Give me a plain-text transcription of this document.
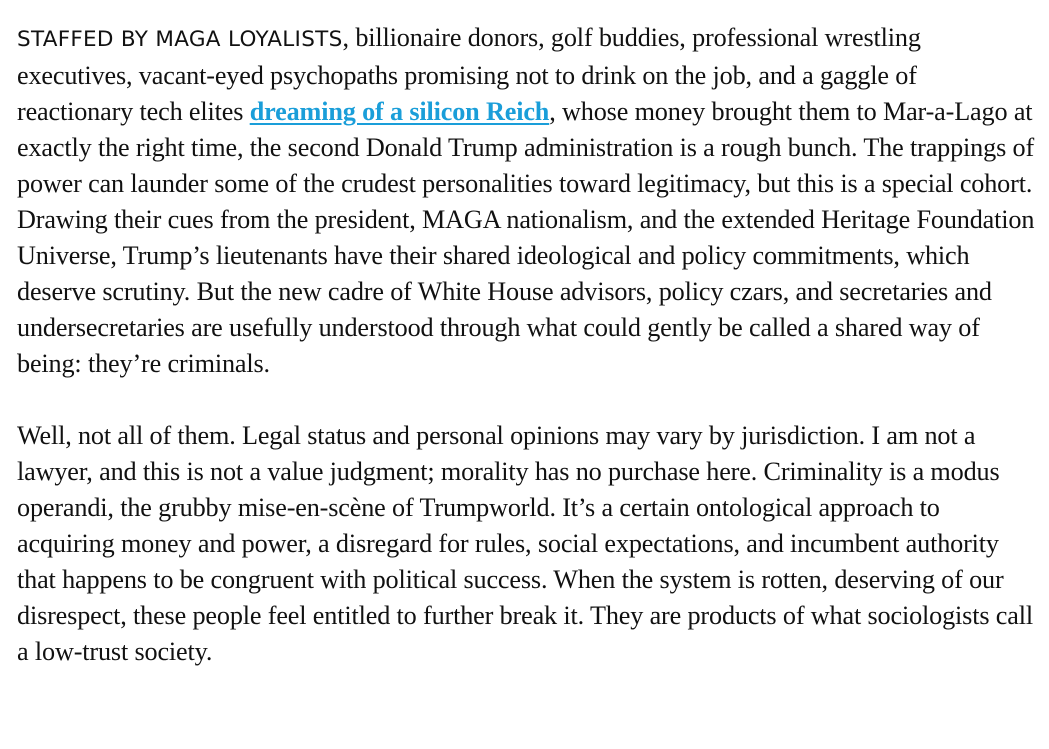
STAFFED BY MAGA LOYALISTS, billionaire donors, golf buddies, professional wrestling executives, vacant-eyed psychopaths promising not to drink on the job, and a gaggle of reactionary tech elites dreaming of a silicon Reich, whose money brought them to Mar-a-Lago at exactly the right time, the second Donald Trump administration is a rough bunch. The trappings of power can launder some of the crudest personalities toward legitimacy, but this is a special cohort. Drawing their cues from the president, MAGA nationalism, and the extended Heritage Foundation Universe, Trump’s lieutenants have their shared ideological and policy commitments, which deserve scrutiny. But the new cadre of White House advisors, policy czars, and secretaries and undersecretaries are usefully understood through what could gently be called a shared way of being: they’re criminals.

Well, not all of them. Legal status and personal opinions may vary by jurisdiction. I am not a lawyer, and this is not a value judgment; morality has no purchase here. Criminality is a modus operandi, the grubby mise-en-scène of Trumpworld. It’s a certain ontological approach to acquiring money and power, a disregard for rules, social expectations, and incumbent authority that happens to be congruent with political success. When the system is rotten, deserving of our disrespect, these people feel entitled to further break it. They are products of what sociologists call a low-trust society.
